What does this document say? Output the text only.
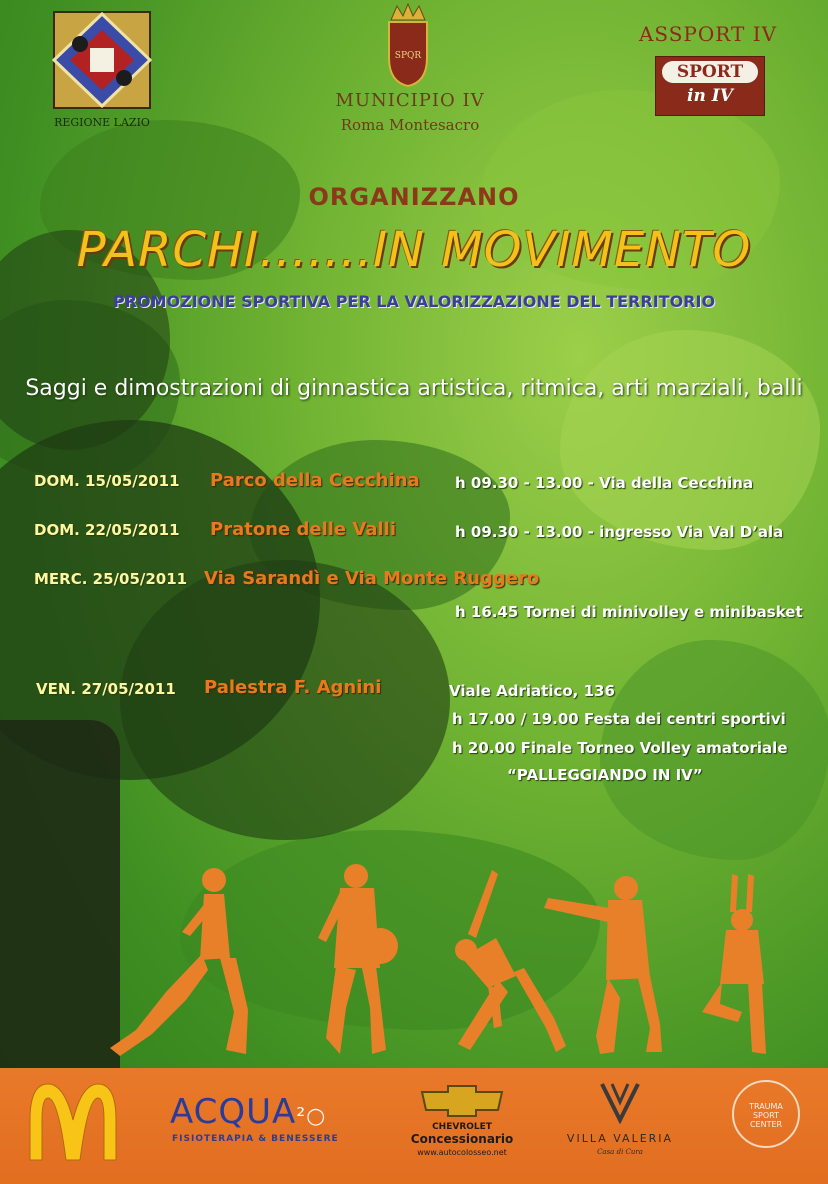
REGIONE LAZIO
SPQR
MUNICIPIO IV
Roma Montesacro
ASSPORT IV
SPORT
in IV
ORGANIZZANO
PARCHI.......IN MOVIMENTO
PROMOZIONE SPORTIVA PER LA VALORIZZAZIONE DEL TERRITORIO
Saggi e dimostrazioni di ginnastica artistica, ritmica, arti marziali, balli
DOM. 15/05/2011 Parco della Cecchina h 09.30 - 13.00 - Via della Cecchina
DOM. 22/05/2011 Pratone delle Valli	h 09.30 - 13.00 - ingresso Via Val D’ala
MERC. 25/05/2011 Via Sarandì e Via Monte Ruggero
h 16.45 Tornei di minivolley e minibasket
VEN. 27/05/2011 Palestra F. Agnini	Viale Adriatico, 136
h 17.00 / 19.00 Festa dei centri sportivi
h 20.00 Finale Torneo Volley amatoriale
“PALLEGGIANDO IN IV”
ACQUA²○
FISIOTERAPIA & BENESSERE
CHEVROLET
Concessionario
www.autocolosseo.net
VILLA VALERIA
Casa di Cura
TRAUMA SPORT CENTER
